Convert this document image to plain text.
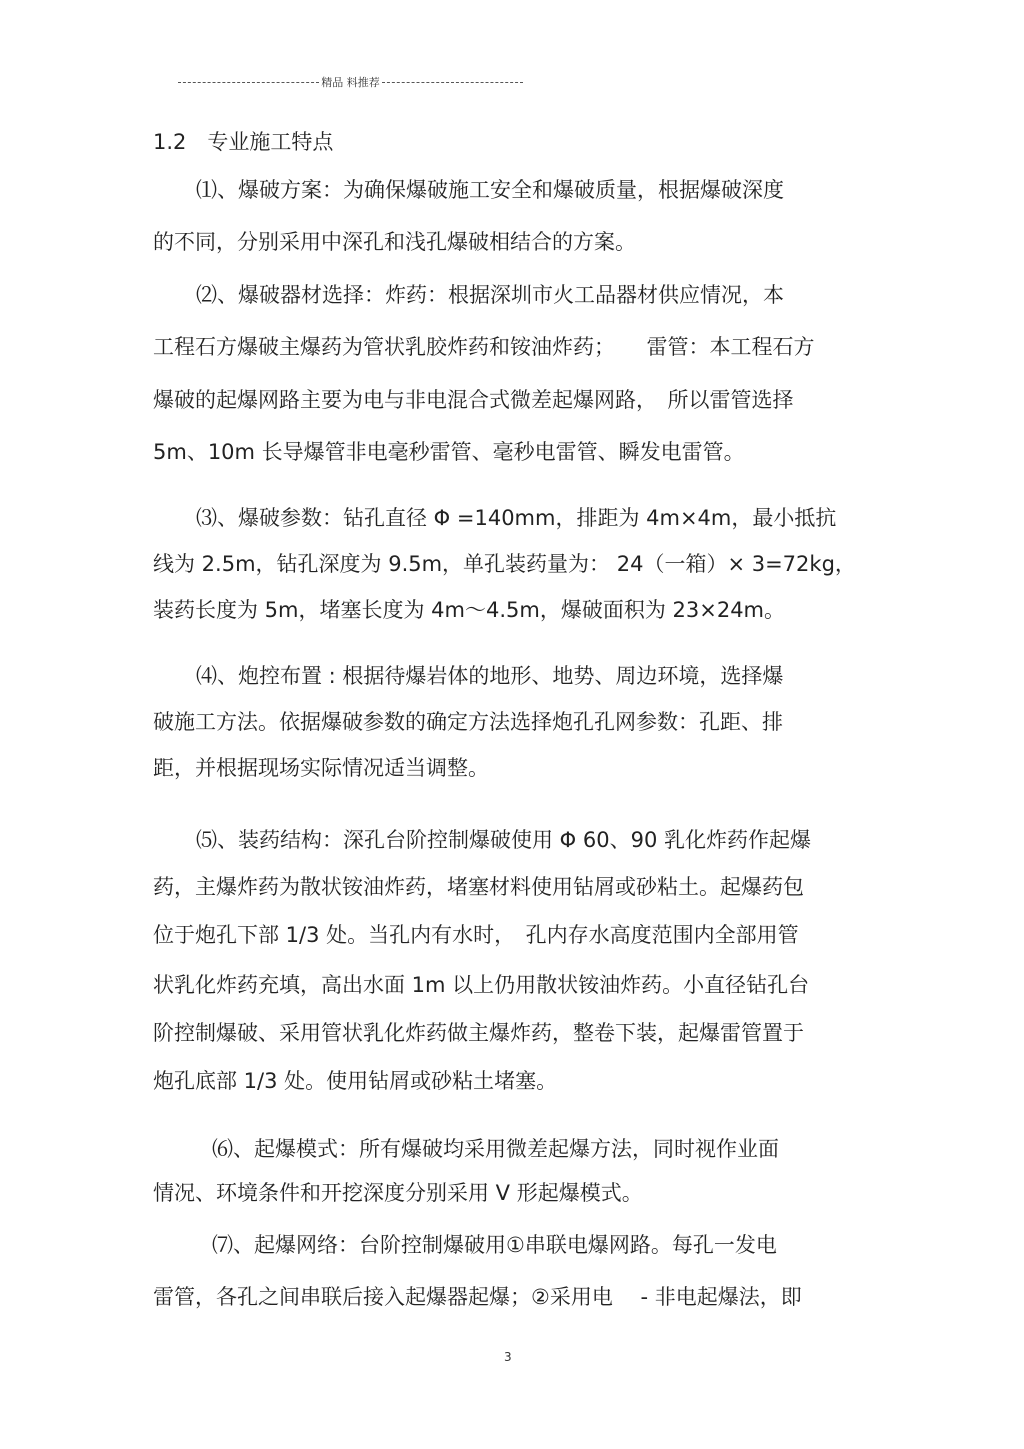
精品 料推荐
1.2　专业施工特点
⑴、爆破方案：为确保爆破施工安全和爆破质量，根据爆破深度
的不同，分别采用中深孔和浅孔爆破相结合的方案。
⑵、爆破器材选择：炸药：根据深圳市火工品器材供应情况，本
工程石方爆破主爆药为管状乳胶炸药和铵油炸药；　　雷管：本工程石方
爆破的起爆网路主要为电与非电混合式微差起爆网路，　所以雷管选择
5m、10m 长导爆管非电毫秒雷管、毫秒电雷管、瞬发电雷管。
⑶、爆破参数：钻孔直径 Φ =140mm，排距为 4m×4m，最小抵抗
线为 2.5m，钻孔深度为 9.5m，单孔装药量为： 24（一箱）× 3=72kg，
装药长度为 5m，堵塞长度为 4m～4.5m，爆破面积为 23×24m。
⑷、炮控布置 : 根据待爆岩体的地形、地势、周边环境，选择爆
破施工方法。依据爆破参数的确定方法选择炮孔孔网参数：孔距、排
距，并根据现场实际情况适当调整。
⑸、装药结构：深孔台阶控制爆破使用 Φ 60、90 乳化炸药作起爆
药，主爆炸药为散状铵油炸药，堵塞材料使用钻屑或砂粘土。起爆药包
位于炮孔下部 1/3 处。当孔内有水时，　孔内存水高度范围内全部用管
状乳化炸药充填，高出水面 1m 以上仍用散状铵油炸药。小直径钻孔台
阶控制爆破、采用管状乳化炸药做主爆炸药，整卷下装，起爆雷管置于
炮孔底部 1/3 处。使用钻屑或砂粘土堵塞。
⑹、起爆模式：所有爆破均采用微差起爆方法，同时视作业面
情况、环境条件和开挖深度分别采用 V 形起爆模式。
⑺、起爆网络：台阶控制爆破用①串联电爆网路。每孔一发电
雷管，各孔之间串联后接入起爆器起爆；②采用电　 - 非电起爆法，即
3
